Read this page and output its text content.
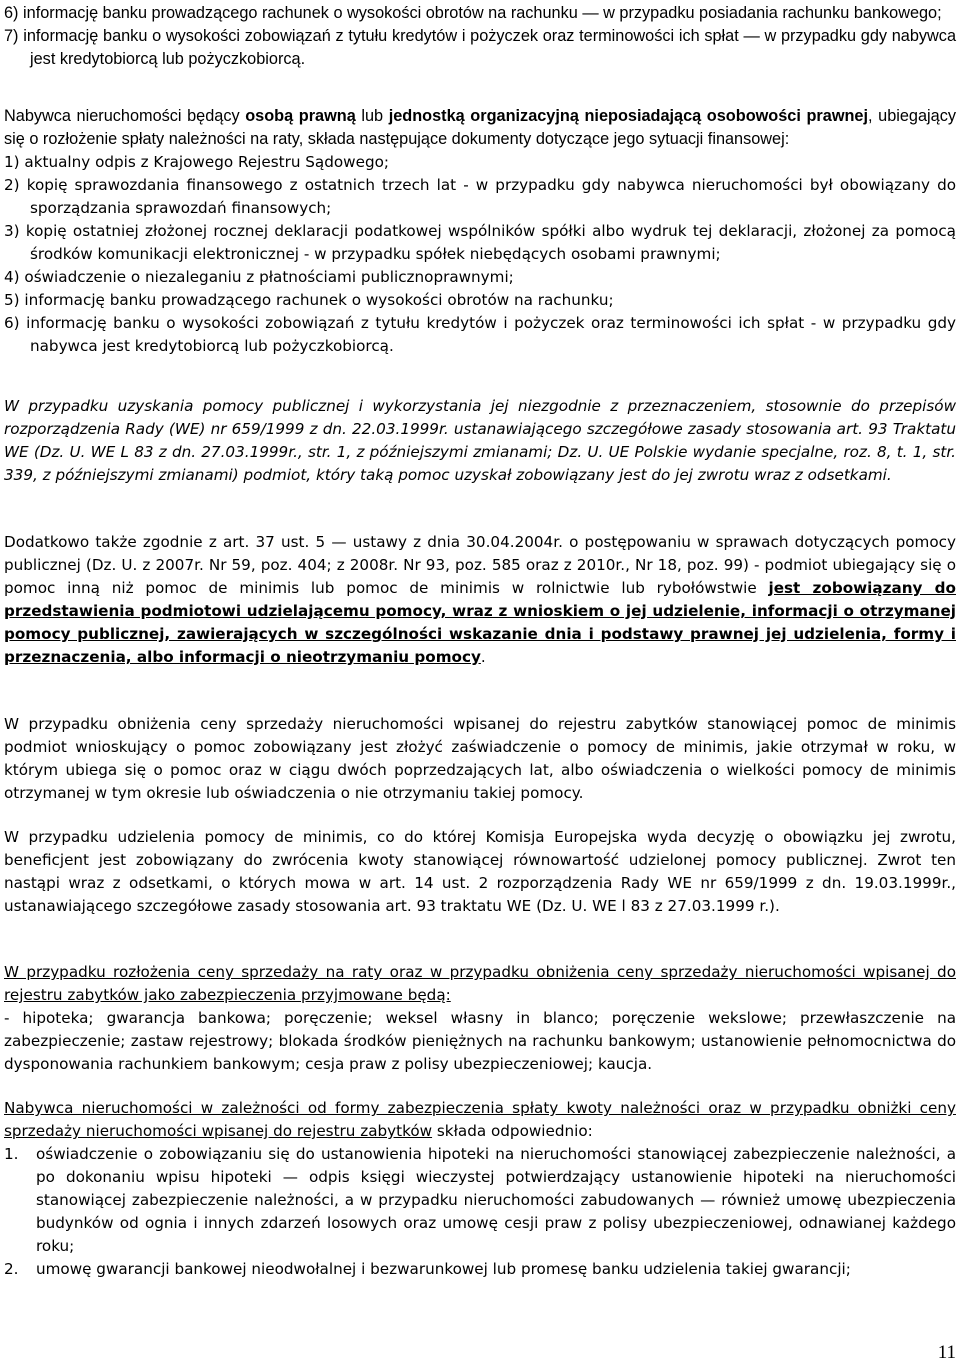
6) informację banku prowadzącego rachunek o wysokości obrotów na rachunku — w przypadku posiadania rachunku bankowego;
7) informację banku o wysokości zobowiązań z tytułu kredytów i pożyczek oraz terminowości ich spłat — w przypadku gdy nabywca jest kredytobiorcą lub pożyczkobiorcą.

Nabywca nieruchomości będący osobą prawną lub jednostką organizacyjną nieposiadającą osobowości prawnej, ubiegający się o rozłożenie spłaty należności na raty, składa następujące dokumenty dotyczące jego sytuacji finansowej:

1) aktualny odpis z Krajowego Rejestru Sądowego;
2) kopię sprawozdania finansowego z ostatnich trzech lat - w przypadku gdy nabywca nieruchomości był obowiązany do sporządzania sprawozdań finansowych;
3) kopię ostatniej złożonej rocznej deklaracji podatkowej wspólników spółki albo wydruk tej deklaracji, złożonej za pomocą środków komunikacji elektronicznej - w przypadku spółek niebędących osobami prawnymi;
4) oświadczenie o niezaleganiu z płatnościami publicznoprawnymi;
5) informację banku prowadzącego rachunek o wysokości obrotów na rachunku;
6) informację banku o wysokości zobowiązań z tytułu kredytów i pożyczek oraz terminowości ich spłat - w przypadku gdy nabywca jest kredytobiorcą lub pożyczkobiorcą.

W przypadku uzyskania pomocy publicznej i wykorzystania jej niezgodnie z przeznaczeniem, stosownie do przepisów rozporządzenia Rady (WE) nr 659/1999 z dn. 22.03.1999r. ustanawiającego szczegółowe zasady stosowania art. 93 Traktatu WE (Dz. U. WE L 83 z dn. 27.03.1999r., str. 1, z późniejszymi zmianami; Dz. U. UE Polskie wydanie specjalne, roz. 8, t. 1, str. 339, z późniejszymi zmianami) podmiot, który taką pomoc uzyskał zobowiązany jest do jej zwrotu wraz z odsetkami.

Dodatkowo także zgodnie z art. 37 ust. 5 — ustawy z dnia 30.04.2004r. o postępowaniu w sprawach dotyczących pomocy publicznej (Dz. U. z 2007r. Nr 59, poz. 404; z 2008r. Nr 93, poz. 585 oraz z 2010r., Nr 18, poz. 99) - podmiot ubiegający się o pomoc inną niż pomoc de minimis lub pomoc de minimis w rolnictwie lub rybołówstwie jest zobowiązany do przedstawienia podmiotowi udzielającemu pomocy, wraz z wnioskiem o jej udzielenie, informacji o otrzymanej pomocy publicznej, zawierających w szczególności wskazanie dnia i podstawy prawnej jej udzielenia, formy i przeznaczenia, albo informacji o nieotrzymaniu pomocy.

W przypadku obniżenia ceny sprzedaży nieruchomości wpisanej do rejestru zabytków stanowiącej pomoc de minimis podmiot wnioskujący o pomoc zobowiązany jest złożyć zaświadczenie o pomocy de minimis, jakie otrzymał w roku, w którym ubiega się o pomoc oraz w ciągu dwóch poprzedzających lat, albo oświadczenia o wielkości pomocy de minimis otrzymanej w tym okresie lub oświadczenia o nie otrzymaniu takiej pomocy.

W przypadku udzielenia pomocy de minimis, co do której Komisja Europejska wyda decyzję o obowiązku jej zwrotu, beneficjent jest zobowiązany do zwrócenia kwoty stanowiącej równowartość udzielonej pomocy publicznej. Zwrot ten nastąpi wraz z odsetkami, o których mowa w art. 14 ust. 2 rozporządzenia Rady WE nr 659/1999 z dn. 19.03.1999r., ustanawiającego szczegółowe zasady stosowania art. 93 traktatu WE (Dz. U. WE l 83 z 27.03.1999 r.).

W przypadku rozłożenia ceny sprzedaży na raty oraz w przypadku obniżenia ceny sprzedaży nieruchomości wpisanej do rejestru zabytków jako zabezpieczenia przyjmowane będą:

- hipoteka; gwarancja bankowa; poręczenie; weksel własny in blanco; poręczenie wekslowe; przewłaszczenie na zabezpieczenie; zastaw rejestrowy; blokada środków pieniężnych na rachunku bankowym; ustanowienie pełnomocnictwa do dysponowania rachunkiem bankowym; cesja praw z polisy ubezpieczeniowej; kaucja.

Nabywca nieruchomości w zależności od formy zabezpieczenia spłaty kwoty należności oraz w przypadku obniżki ceny sprzedaży nieruchomości wpisanej do rejestru zabytków składa odpowiednio:

1.	oświadczenie o zobowiązaniu się do ustanowienia hipoteki na nieruchomości stanowiącej zabezpieczenie należności, a po dokonaniu wpisu hipoteki — odpis księgi wieczystej potwierdzający ustanowienie hipoteki na nieruchomości stanowiącej zabezpieczenie należności, a w przypadku nieruchomości zabudowanych — również umowę ubezpieczenia budynków od ognia i innych zdarzeń losowych oraz umowę cesji praw z polisy ubezpieczeniowej, odnawianej każdego roku;
2.	umowę gwarancji bankowej nieodwołalnej i bezwarunkowej lub promesę banku udzielenia takiej gwarancji;
11
